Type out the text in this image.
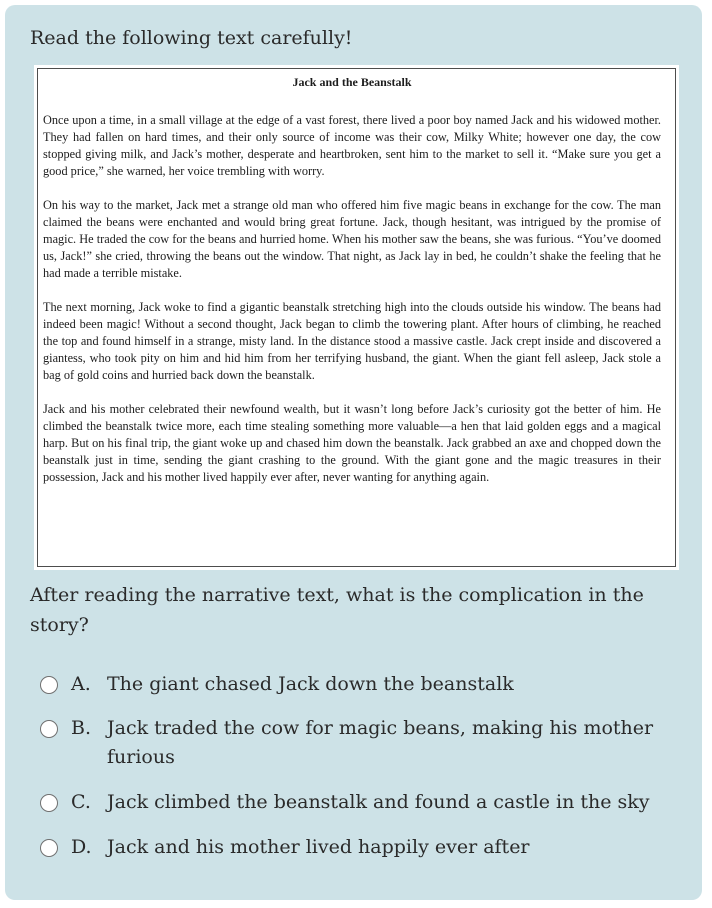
Read the following text carefully!
Jack and the Beanstalk

Once upon a time, in a small village at the edge of a vast forest, there lived a poor boy named Jack and his widowed mother. They had fallen on hard times, and their only source of income was their cow, Milky White; however one day, the cow stopped giving milk, and Jack’s mother, desperate and heartbroken, sent him to the market to sell it. “Make sure you get a good price,” she warned, her voice trembling with worry.

On his way to the market, Jack met a strange old man who offered him five magic beans in exchange for the cow. The man claimed the beans were enchanted and would bring great fortune. Jack, though hesitant, was intrigued by the promise of magic. He traded the cow for the beans and hurried home. When his mother saw the beans, she was furious. “You’ve doomed us, Jack!” she cried, throwing the beans out the window. That night, as Jack lay in bed, he couldn’t shake the feeling that he had made a terrible mistake.

The next morning, Jack woke to find a gigantic beanstalk stretching high into the clouds outside his window. The beans had indeed been magic! Without a second thought, Jack began to climb the towering plant. After hours of climbing, he reached the top and found himself in a strange, misty land. In the distance stood a massive castle. Jack crept inside and discovered a giantess, who took pity on him and hid him from her terrifying husband, the giant. When the giant fell asleep, Jack stole a bag of gold coins and hurried back down the beanstalk.

Jack and his mother celebrated their newfound wealth, but it wasn’t long before Jack’s curiosity got the better of him. He climbed the beanstalk twice more, each time stealing something more valuable—a hen that laid golden eggs and a magical harp. But on his final trip, the giant woke up and chased him down the beanstalk. Jack grabbed an axe and chopped down the beanstalk just in time, sending the giant crashing to the ground. With the giant gone and the magic treasures in their possession, Jack and his mother lived happily ever after, never wanting for anything again.

After reading the narrative text, what is the complication in the story?
A. The giant chased Jack down the beanstalk
B. Jack traded the cow for magic beans, making his mother furious
C. Jack climbed the beanstalk and found a castle in the sky
D. Jack and his mother lived happily ever after
